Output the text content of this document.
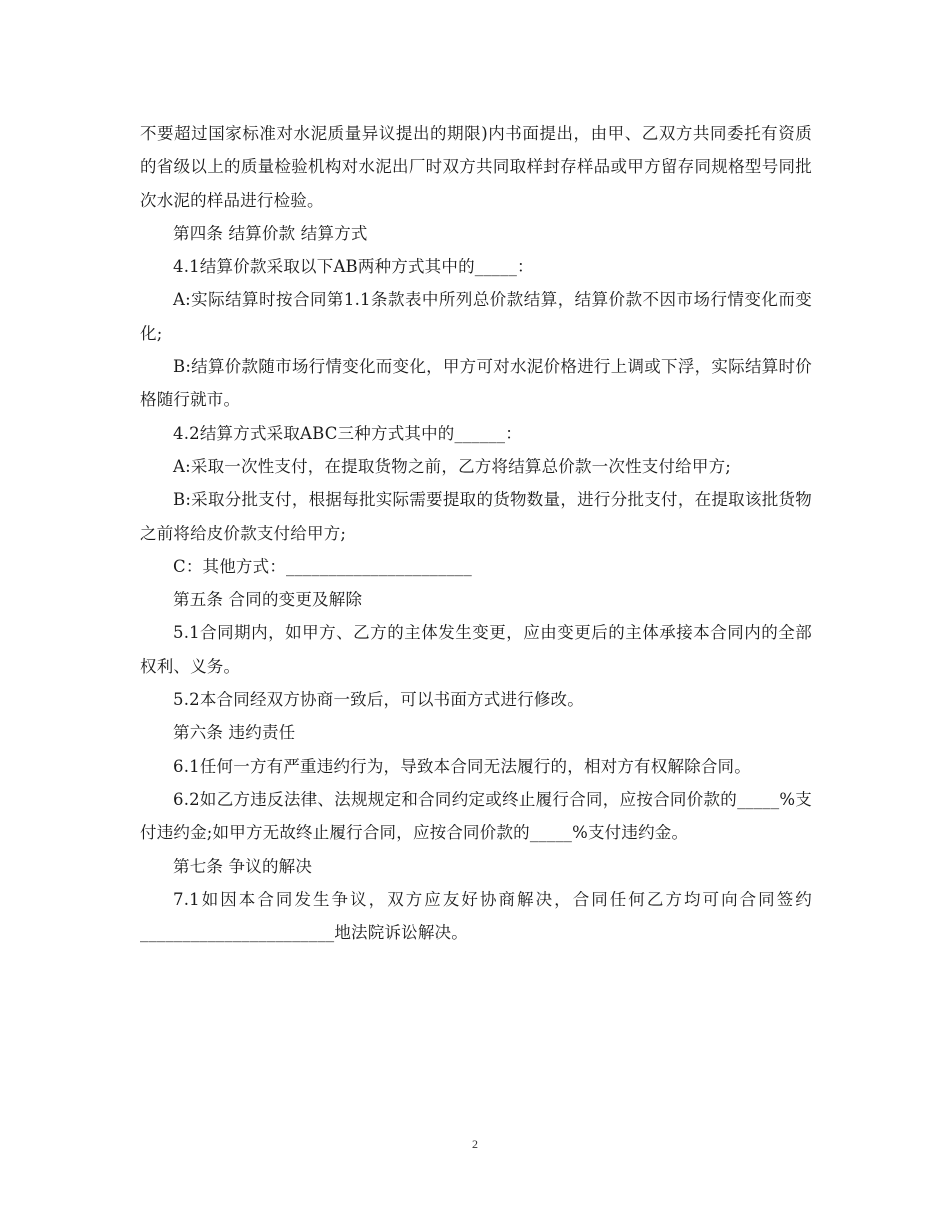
不要超过国家标准对水泥质量异议提出的期限)内书面提出，由甲、乙双方共同委托有资质的省级以上的质量检验机构对水泥出厂时双方共同取样封存样品或甲方留存同规格型号同批次水泥的样品进行检验。

第四条 结算价款 结算方式

4.1结算价款采取以下AB两种方式其中的_____：

A:实际结算时按合同第1.1条款表中所列总价款结算，结算价款不因市场行情变化而变化;

B:结算价款随市场行情变化而变化，甲方可对水泥价格进行上调或下浮，实际结算时价格随行就市。

4.2结算方式采取ABC三种方式其中的______：

A:采取一次性支付，在提取货物之前，乙方将结算总价款一次性支付给甲方;

B:采取分批支付，根据每批实际需要提取的货物数量，进行分批支付，在提取该批货物之前将给皮价款支付给甲方;

C：其他方式：______________________

第五条 合同的变更及解除

5.1合同期内，如甲方、乙方的主体发生变更，应由变更后的主体承接本合同内的全部权利、义务。

5.2本合同经双方协商一致后，可以书面方式进行修改。

第六条 违约责任

6.1任何一方有严重违约行为，导致本合同无法履行的，相对方有权解除合同。

6.2如乙方违反法律、法规规定和合同约定或终止履行合同，应按合同价款的_____%支付违约金;如甲方无故终止履行合同，应按合同价款的_____%支付违约金。

第七条 争议的解决

7.1如因本合同发生争议，双方应友好协商解决，合同任何乙方均可向合同签约_______________________地法院诉讼解决。

2
